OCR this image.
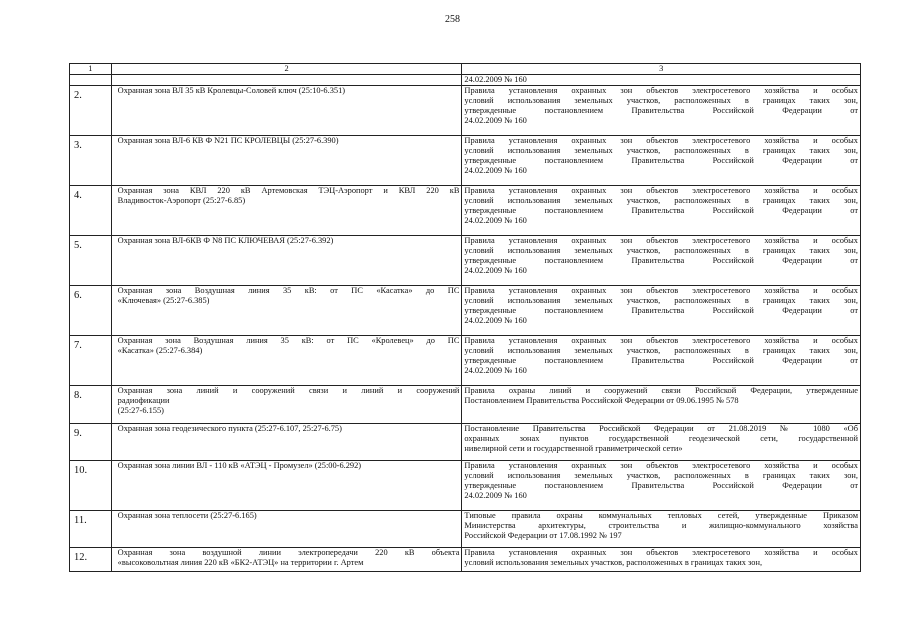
258
1	2	3

		24.02.2009 № 160

2.	Охранная зона ВЛ 35 кВ Кролевцы-Соловей ключ (25:10-6.351)	Правила установления охранных зон объектов электросетевого хозяйства и особых
условий использования земельных участков, расположенных в границах таких зон,
утвержденные постановлением Правительства Российской Федерации от
24.02.2009 № 160

3.	Охранная зона ВЛ-6 КВ Ф N21 ПС КРОЛЕВЦЫ (25:27-6.390)	Правила установления охранных зон объектов электросетевого хозяйства и особых
условий использования земельных участков, расположенных в границах таких зон,
утвержденные постановлением Правительства Российской Федерации от
24.02.2009 № 160

4.	Охранная зона КВЛ 220 кВ Артемовская ТЭЦ-Аэропорт и КВЛ 220 кВ
Владивосток-Аэропорт (25:27-6.85)	Правила установления охранных зон объектов электросетевого хозяйства и особых
условий использования земельных участков, расположенных в границах таких зон,
утвержденные постановлением Правительства Российской Федерации от
24.02.2009 № 160

5.	Охранная зона ВЛ-6КВ Ф N8 ПС КЛЮЧЕВАЯ (25:27-6.392)	Правила установления охранных зон объектов электросетевого хозяйства и особых
условий использования земельных участков, расположенных в границах таких зон,
утвержденные постановлением Правительства Российской Федерации от
24.02.2009 № 160

6.	Охранная зона Воздушная линия 35 кВ: от ПС «Касатка» до ПС
«Ключевая» (25:27-6.385)	Правила установления охранных зон объектов электросетевого хозяйства и особых
условий использования земельных участков, расположенных в границах таких зон,
утвержденные постановлением Правительства Российской Федерации от
24.02.2009 № 160

7.	Охранная зона Воздушная линия 35 кВ: от ПС «Кролевец» до ПС
«Касатка» (25:27-6.384)	Правила установления охранных зон объектов электросетевого хозяйства и особых
условий использования земельных участков, расположенных в границах таких зон,
утвержденные постановлением Правительства Российской Федерации от
24.02.2009 № 160

8.	Охранная зона линий и сооружений связи и линий и сооружений
радиофикации
(25:27-6.155)	Правила охраны линий и сооружений связи Российской Федерации, утвержденные
Постановлением Правительства Российской Федерации от 09.06.1995 № 578

9.	Охранная зона геодезического пункта (25:27-6.107, 25:27-6.75)	Постановление Правительства Российской Федерации от 21.08.2019 № 1080 «Об
охранных зонах пунктов государственной геодезической сети, государственной
нивелирной сети и государственной гравиметрической сети»

10.	Охранная зона линии ВЛ - 110 кВ «АТЭЦ - Промузел» (25:00-6.292)	Правила установления охранных зон объектов электросетевого хозяйства и особых
условий использования земельных участков, расположенных в границах таких зон,
утвержденные постановлением Правительства Российской Федерации от
24.02.2009 № 160

11.	Охранная зона теплосети (25:27-6.165)	Типовые правила охраны коммунальных тепловых сетей, утвержденные Приказом
Министерства архитектуры, строительства и жилищно-коммунального хозяйства
Российской Федерации от 17.08.1992 № 197

12.	Охранная зона воздушной линии электропередачи 220 кВ объекта
«высоковольтная линия 220 кВ «БК2-АТЭЦ» на территории г. Артем	Правила установления охранных зон объектов электросетевого хозяйства и особых
условий использования земельных участков, расположенных в границах таких зон,
